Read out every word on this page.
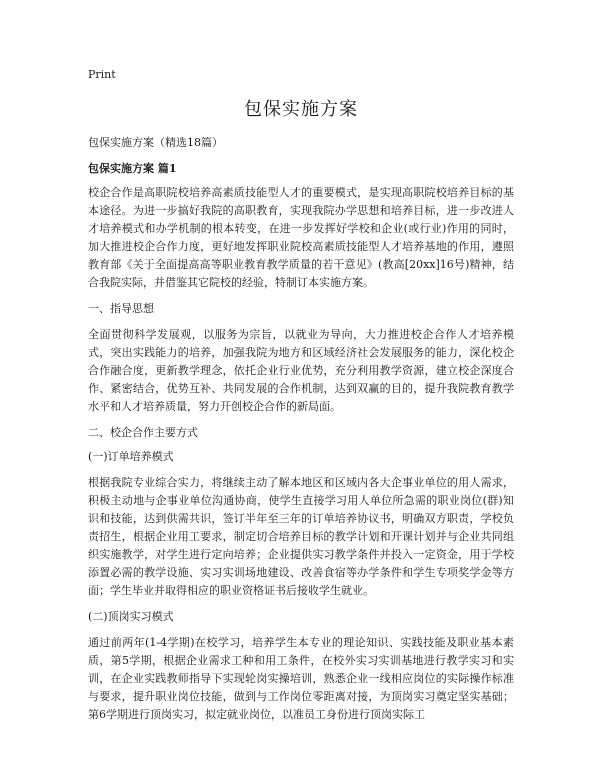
Print
包保实施方案
包保实施方案（精选18篇）
包保实施方案 篇1

校企合作是高职院校培养高素质技能型人才的重要模式，是实现高职院校培养目标的基本途径。为进一步搞好我院的高职教育，实现我院办学思想和培养目标，进一步改进人才培养模式和办学机制的根本转变，在进一步发挥好学校和企业(或行业)作用的同时，加大推进校企合作力度，更好地发挥职业院校高素质技能型人才培养基地的作用，遵照教育部《关于全面提高高等职业教育教学质量的若干意见》(教高[20xx]16号)精神，结合我院实际，并借鉴其它院校的经验，特制订本实施方案。

一、指导思想

全面贯彻科学发展观，以服务为宗旨，以就业为导向，大力推进校企合作人才培养模式，突出实践能力的培养，加强我院为地方和区域经济社会发展服务的能力，深化校企合作融合度，更新教学理念，依托企业行业优势，充分利用教学资源，建立校企深度合作、紧密结合，优势互补、共同发展的合作机制，达到双赢的目的，提升我院教育教学水平和人才培养质量，努力开创校企合作的新局面。

二、校企合作主要方式
(一)订单培养模式

根据我院专业综合实力，将继续主动了解本地区和区域内各大企事业单位的用人需求，积极主动地与企事业单位沟通协商，使学生直接学习用人单位所急需的职业岗位(群)知识和技能，达到供需共识，签订半年至三年的订单培养协议书，明确双方职责，学校负责招生，根据企业用工要求，制定切合培养目标的教学计划和开课计划并与企业共同组织实施教学，对学生进行定向培养；企业提供实习教学条件并投入一定资金，用于学校添置必需的教学设施、实习实训场地建设、改善食宿等办学条件和学生专项奖学金等方面；学生毕业并取得相应的职业资格证书后接收学生就业。

(二)顶岗实习模式

通过前两年(1-4学期)在校学习，培养学生本专业的理论知识、实践技能及职业基本素质，第5学期，根据企业需求工种和用工条件，在校外实习实训基地进行教学实习和实训，在企业实践教师指导下实现轮岗实操培训，熟悉企业一线相应岗位的实际操作标准与要求，提升职业岗位技能，做到与工作岗位零距离对接，为顶岗实习奠定坚实基础；第6学期进行顶岗实习，拟定就业岗位，以准员工身份进行顶岗实际工
